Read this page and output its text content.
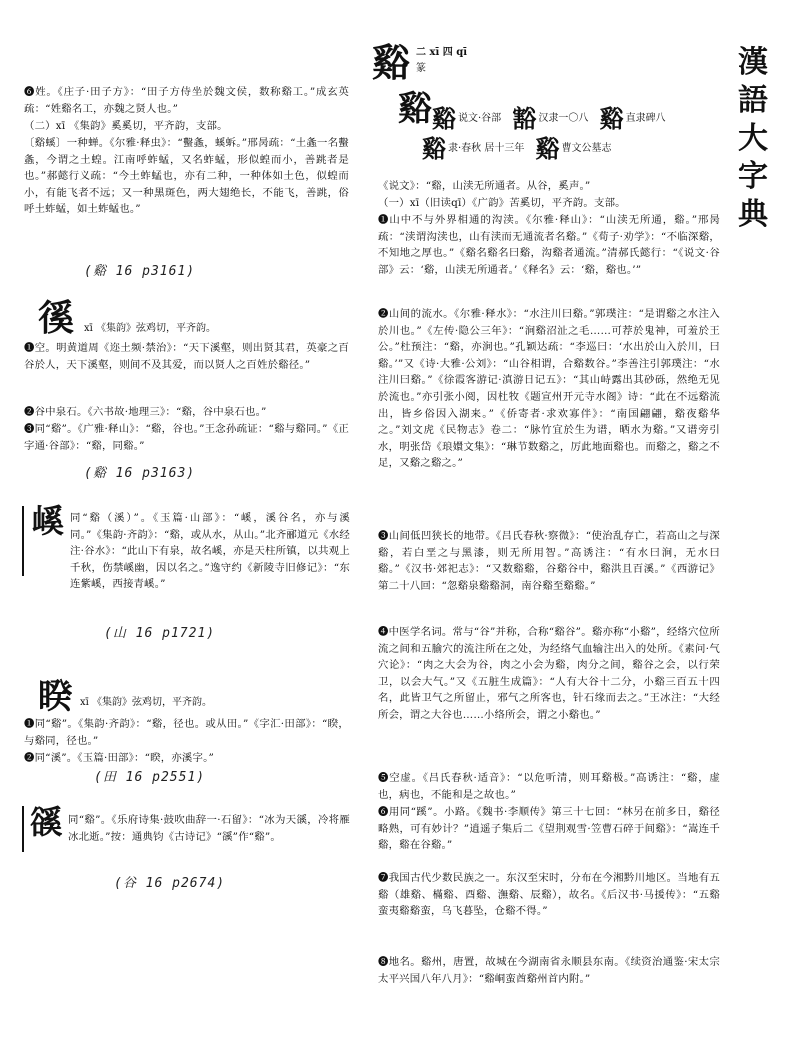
漢
語
大
字
典

❻姓。《庄子·田子方》：“田子方侍坐於魏文侯，数称谿工。”成玄英疏：“姓谿名工，亦魏之贤人也。”

（二）xī 《集韵》奚奚切，平齐韵，支部。

〔谿螇〕一种蝉。《尔雅·释虫》：“蟿螽，螇蚸。”邢昺疏：“土螽一名蟿螽，今谓之土蝗。江南呼蚱蜢，又名蚱蜢，形似蝗而小，善跳者是也。”郝懿行义疏：“今土蚱蜢也，亦有二种，一种体如土色，似蝗而小，有能飞者不远；又一种黑斑色，两大翅绝长，不能飞，善跳，俗呼土蚱蜢，如土蚱蜢也。”

(谿 16 p3161)
徯 xī 《集韵》弦鸡切，平齐韵。

❶空。明黄道周《迩土频·禁治》：“天下溪壑，则出贤其君，英豪之百谷於人，天下溪壑，则间不及其爱，而以贤人之百姓於谿径。”

❷谷中泉石。《六书故·地理三》：“谿，谷中泉石也。”

❸同“谿”。《广雅·释山》：“谿，谷也。”王念孙疏证：“谿与谿同。”《正字通·谷部》：“谿，同谿。”

(谿 16 p3163)
嵠 同“谿（溪）”。《玉篇·山部》：“嵠，溪谷名，亦与溪同。”《集韵·齐韵》：“谿，或从水，从山。”北齐郦道元《水经注·谷水》：“此山下有泉，故名嵠，亦是天柱所镇，以共观上千秋，伤禁嵠幽，因以名之。”逸守约《新陵寺旧修记》：“东连紫嵠，西接青嵠。”

(山 16 p1721)
睽 xī 《集韵》弦鸡切，平齐韵。

❶同“谿”。《集韵·齐韵》：“谿，径也。或从田。”《字汇·田部》：“睽，与谿同，径也。”

❷同“溪”。《玉篇·田部》：“睽，亦溪字。”

(田 16 p2551)
豀 同“谿”。《乐府诗集·鼓吹曲辞一·石留》：“冰为天豀，冷将雁冰北逝。”按：通典钧《古诗记》“豀”作“谿”。

(谷 16 p2674)
谿 二 xī 四 qī
篆
谿 谿说文·谷部 豁 汉隶一〇八 谿 直隶碑八
谿隶·春秋 居十三年 谿 曹文公墓志

《说文》：“谿，山渎无所通者。从谷，奚声。”

（一）xī（旧读qī）《广韵》苦奚切，平齐韵。支部。

❶山中不与外界相通的沟渎。《尔雅·释山》：“山渎无所通，谿。”邢昺疏：“渎谓沟渎也，山有渎而无通流者名谿。”《荀子·劝学》：“不临深谿，不知地之厚也。”《谿名谿名曰谿，沟谿者通流。”清郝氏懿行：“《说文·谷部》云：‘谿，山渎无所通者。’《释名》云：‘谿，谿也。’”

❷山间的流水。《尔雅·释水》：“水注川曰谿。”郭璞注：“是谓谿之水注入於川也。”《左传·隐公三年》：“涧谿沼沚之毛……可荐於鬼神，可羞於王公。”杜预注：“谿，亦涧也。”孔颖达疏：“李巡曰：‘水出於山入於川，曰谿。’”又《诗·大雅·公刘》：“山谷相谓，合谿数谷。”李善注引郭璞注：“水注川曰谿。”《徐霞客游记·滇游日记五》：“其山峙露出其砂砾，然绝无见於流也。”亦引张小阅，因杜牧《题宣州开元寺水阁》诗：“此在不远谿流出，皆乡俗因入湖来。”《侨寄者·求欢寡伴》：“南国翩翩，谿夜谿华之。”刘文虎《民物志》卷二：“脉竹宜於生为谱，晒水为谿。”又谱旁引水，明张岱《琅嬛文集》：“琳节数谿之，厉此地面谿也。而谿之，谿之不足，又谿之谿之。”

❸山间低凹狭长的地带。《吕氏春秋·察微》：“使治乱存亡，若高山之与深谿，若白垩之与黑漆，则无所用智。”高诱注：“有水曰涧，无水曰谿。”《汉书·郊祀志》：“又数谿谿，谷谿谷中，谿洪且百溪。”《西游记》第二十八回：“忽谿泉谿谿洞，南谷谿至谿谿。”

❹中医学名词。常与“谷”并称，合称“谿谷”。谿亦称“小谿”，经络穴位所流之间和五腧穴的流注所在之处，为经络气血输注出入的处所。《素问·气穴论》：“肉之大会为谷，肉之小会为谿，肉分之间，谿谷之会，以行荣卫，以会大气。”又《五脏生成篇》：“人有大谷十二分，小谿三百五十四名，此皆卫气之所留止，邪气之所客也，针石缘而去之。”王冰注：“大经所会，谓之大谷也……小络所会，谓之小谿也。”

❺空虚。《吕氏春秋·适音》：“以危听清，则耳谿极。”高诱注：“谿，虚也，病也，不能和是之故也。”

❻用同“蹊”。小路。《魏书·李顺传》第三十七回：“林另在前多日，谿径略熟，可有妙计？”逍遥子集后二《望荆观雪·笠曹石碎于间谿》：“嵩连千谿，谿在谷谿。”

❼我国古代少数民族之一。东汉至宋时，分布在今湘黔川地区。当地有五谿（雄谿、樠谿、酉谿、潕谿、辰谿），故名。《后汉书·马援传》：“五谿蛮夷谿谿蛮，乌飞暮坠，仓谿不得。”

❽地名。谿州，唐置，故城在今湖南省永顺县东南。《续资治通鉴·宋太宗太平兴国八年八月》：“谿峒蛮酋谿州首内附。”
